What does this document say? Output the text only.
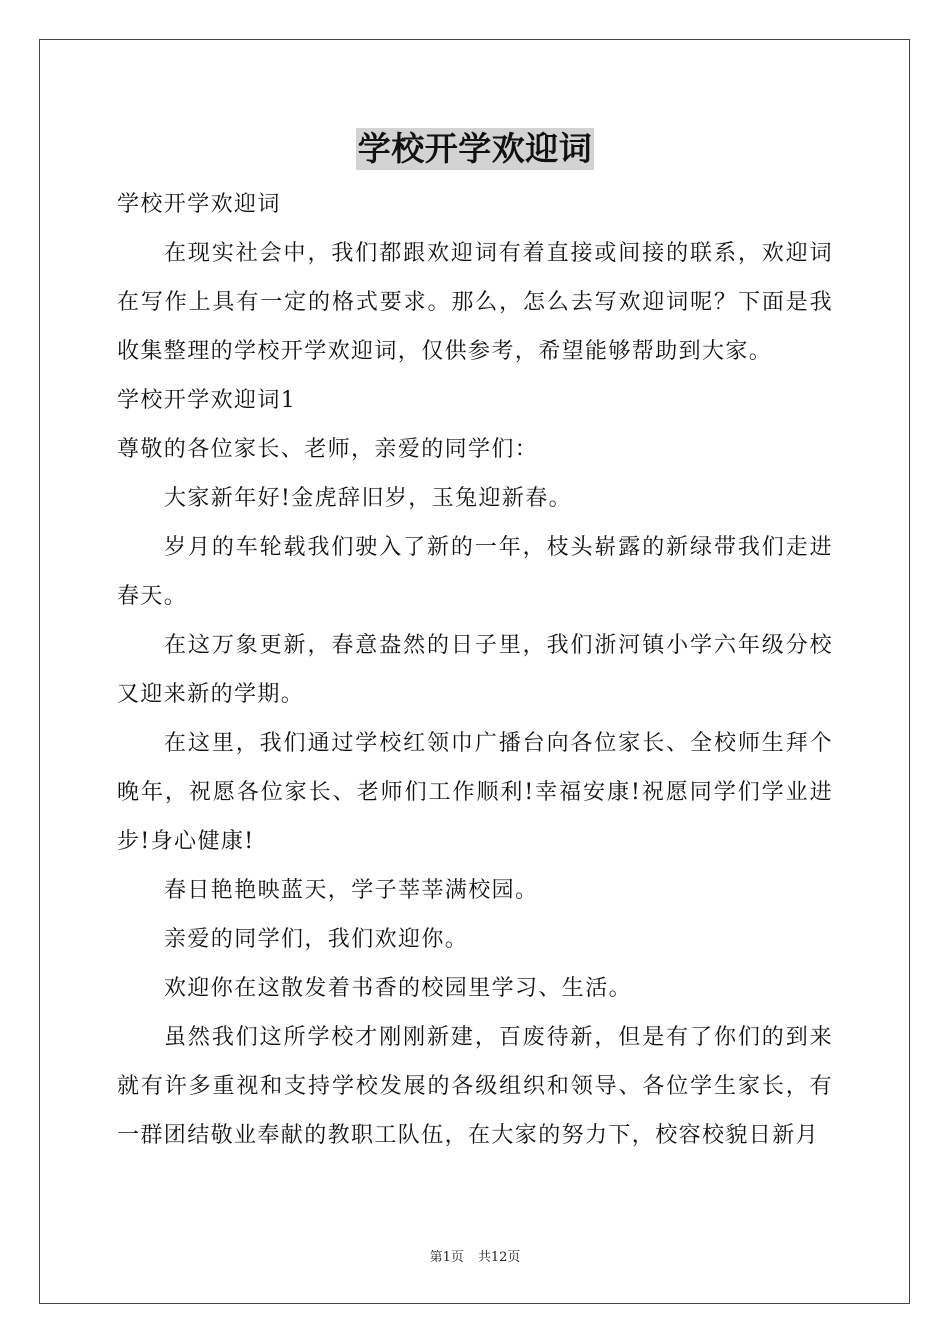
学校开学欢迎词

学校开学欢迎词

在现实社会中，我们都跟欢迎词有着直接或间接的联系，欢迎词在写作上具有一定的格式要求。那么，怎么去写欢迎词呢？下面是我收集整理的学校开学欢迎词，仅供参考，希望能够帮助到大家。

学校开学欢迎词1

尊敬的各位家长、老师，亲爱的同学们：

大家新年好!金虎辞旧岁，玉兔迎新春。

岁月的车轮载我们驶入了新的一年，枝头崭露的新绿带我们走进春天。

在这万象更新，春意盎然的日子里，我们浙河镇小学六年级分校又迎来新的学期。

在这里，我们通过学校红领巾广播台向各位家长、全校师生拜个晚年，祝愿各位家长、老师们工作顺利!幸福安康!祝愿同学们学业进步!身心健康!

春日艳艳映蓝天，学子莘莘满校园。

亲爱的同学们，我们欢迎你。

欢迎你在这散发着书香的校园里学习、生活。

虽然我们这所学校才刚刚新建，百废待新，但是有了你们的到来就有许多重视和支持学校发展的各级组织和领导、各位学生家长，有一群团结敬业奉献的教职工队伍，在大家的努力下，校容校貌日新月

第1页 共12页
